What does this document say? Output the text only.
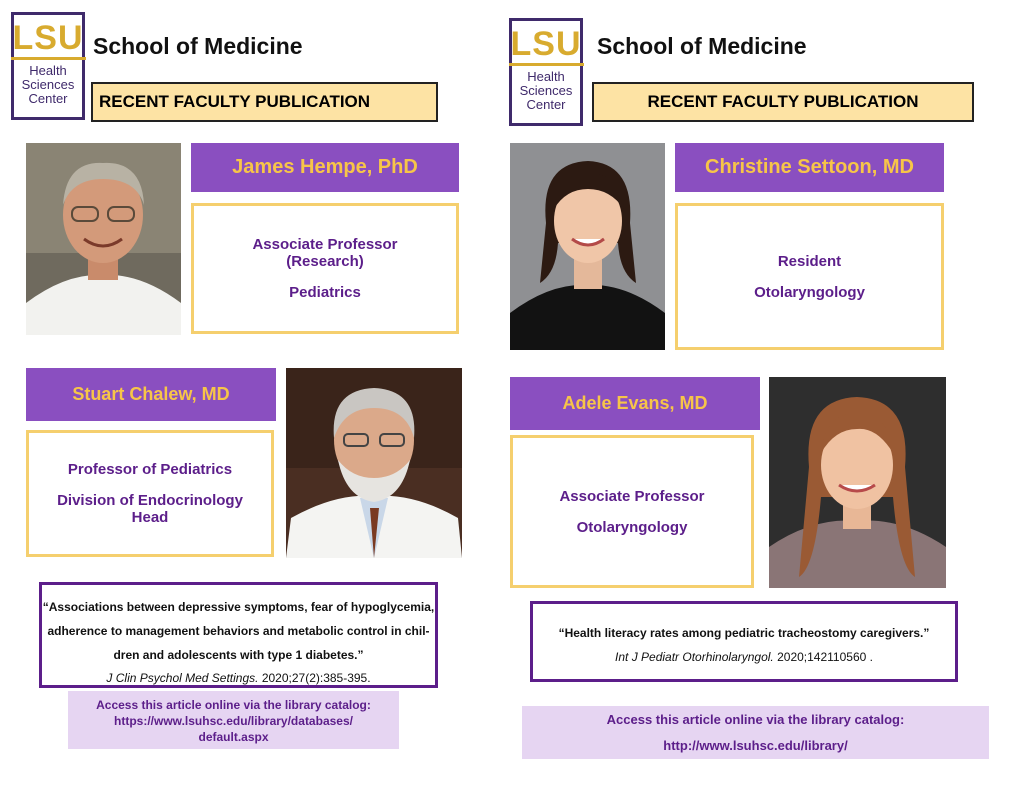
LSU
Health
Sciences
Center
School of Medicine
RECENT FACULTY PUBLICATION
James Hempe, PhD
Associate Professor
(Research)
Pediatrics
Stuart Chalew, MD
Professor of Pediatrics
Division of Endocrinology
Head
“Associations between depressive symptoms, fear of hypoglycemia,
adherence to management behaviors and metabolic control in chil-
dren and adolescents with type 1 diabetes.”
J Clin Psychol Med Settings. 2020;27(2):385-395.
Access this article online via the library catalog:
https://www.lsuhsc.edu/library/databases/
default.aspx
LSU
Health
Sciences
Center
School of Medicine
RECENT FACULTY PUBLICATION
Christine Settoon, MD
Resident
Otolaryngology
Adele Evans, MD
Associate Professor
Otolaryngology
“Health literacy rates among pediatric tracheostomy caregivers.”
Int J Pediatr Otorhinolaryngol. 2020;142110560 .
Access this article online via the library catalog:
http://www.lsuhsc.edu/library/
